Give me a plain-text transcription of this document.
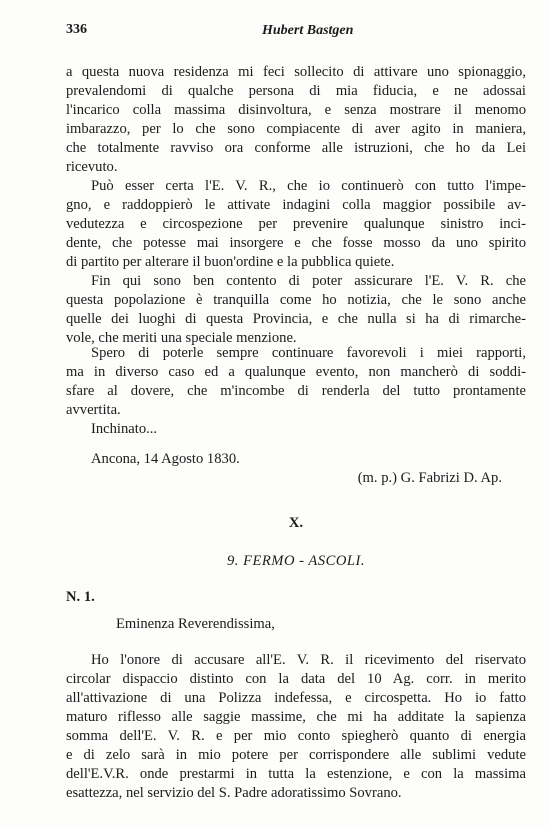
336	Hubert Bastgen
a questa nuova residenza mi feci sollecito di attivare uno spionaggio,
prevalendomi di qualche persona di mia fiducia, e ne adossai
l'incarico colla massima disinvoltura, e senza mostrare il menomo
imbarazzo, per lo che sono compiacente di aver agito in maniera,
che totalmente ravviso ora conforme alle istruzioni, che ho da Lei
ricevuto.
Può esser certa l'E. V. R., che io continuerò con tutto l'impe-
gno, e raddoppierò le attivate indagini colla maggior possibile av-
vedutezza e circospezione per prevenire qualunque sinistro inci-
dente, che potesse mai insorgere e che fosse mosso da uno spirito
di partito per alterare il buon'ordine e la pubblica quiete.
Fin qui sono ben contento di poter assicurare l'E. V. R. che
questa popolazione è tranquilla come ho notizia, che le sono anche
quelle dei luoghi di questa Provincia, e che nulla si ha di rimarche-
vole, che meriti una speciale menzione.
Spero di poterle sempre continuare favorevoli i miei rapporti,
ma in diverso caso ed a qualunque evento, non mancherò di soddi-
sfare al dovere, che m'incombe di renderla del tutto prontamente
avvertita.
Inchinato...
Ancona, 14 Agosto 1830.
(m. p.) G. Fabrizi D. Ap.
X.
9. FERMO - ASCOLI.
N. 1.
Eminenza Reverendissima,
Ho l'onore di accusare all'E. V. R. il ricevimento del riservato
circolar dispaccio distinto con la data del 10 Ag. corr. in merito
all'attivazione di una Polizza indefessa, e circospetta. Ho io fatto
maturo riflesso alle saggie massime, che mi ha additate la sapienza
somma dell'E. V. R. e per mio conto spiegherò quanto di energia
e di zelo sarà in mio potere per corrispondere alle sublimi vedute
dell'E.V.R. onde prestarmi in tutta la estenzione, e con la massima
esattezza, nel servizio del S. Padre adoratissimo Sovrano.
